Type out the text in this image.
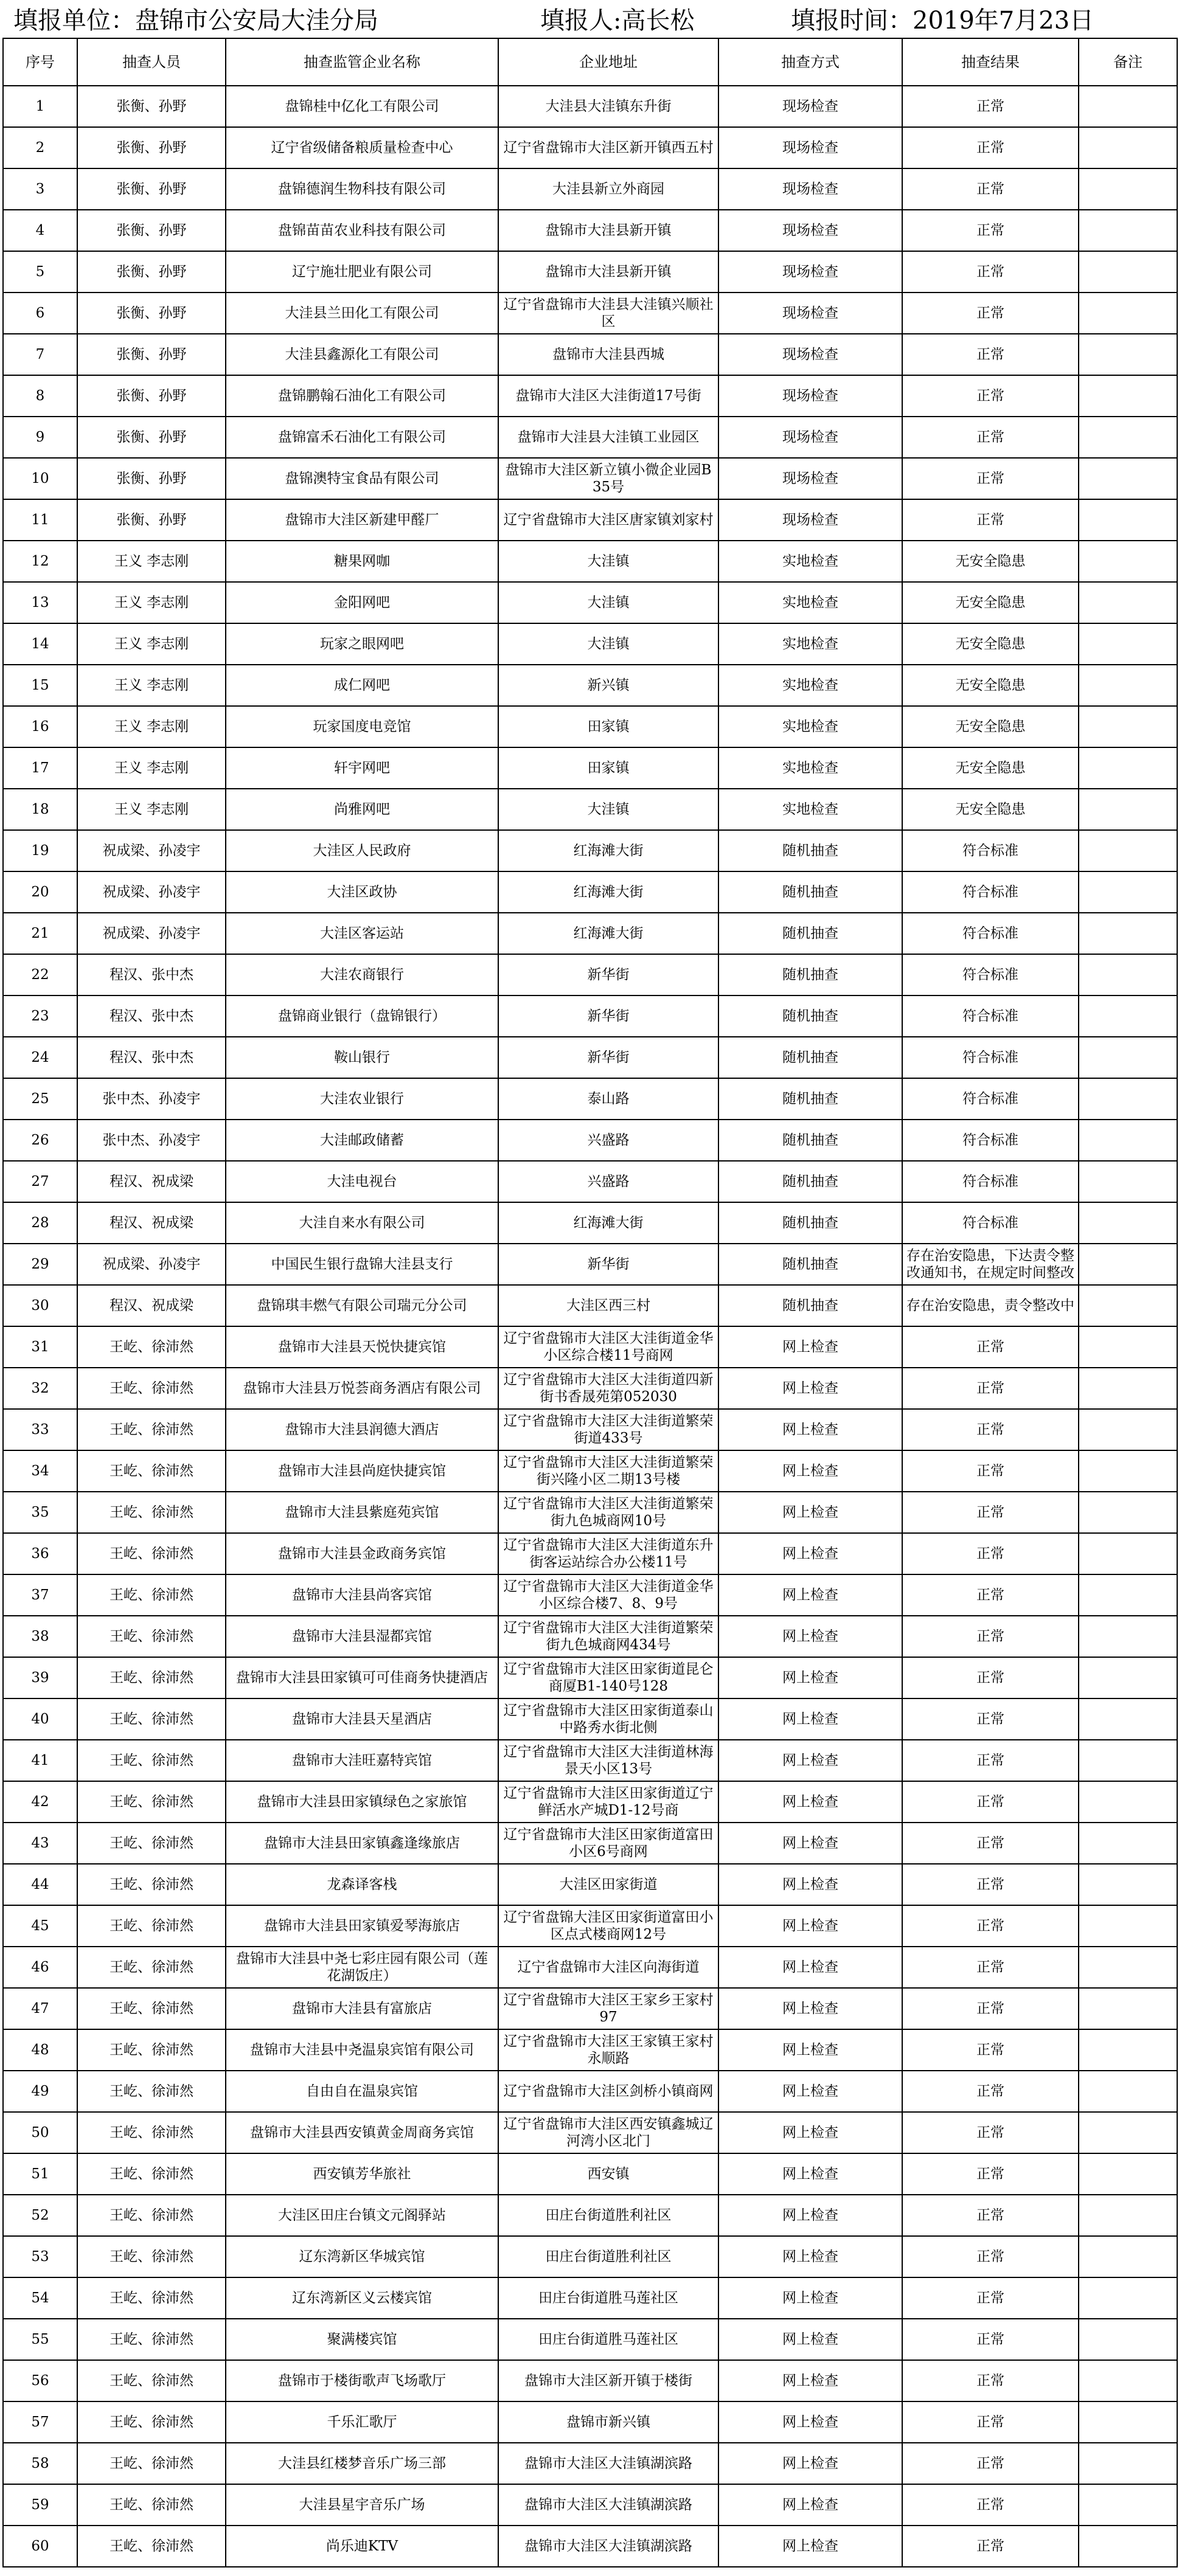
填报单位：盘锦市公安局大洼分局	填报人:高长松	填报时间：2019年7月23日
序号	抽查人员	抽查监管企业名称	企业地址	抽查方式	抽查结果	备注
1	张衡、孙野	盘锦桂中亿化工有限公司	大洼县大洼镇东升街	现场检查	正常	
2	张衡、孙野	辽宁省级储备粮质量检查中心	辽宁省盘锦市大洼区新开镇西五村	现场检查	正常	
3	张衡、孙野	盘锦德润生物科技有限公司	大洼县新立外商园	现场检查	正常	
4	张衡、孙野	盘锦苗苗农业科技有限公司	盘锦市大洼县新开镇	现场检查	正常	
5	张衡、孙野	辽宁施壮肥业有限公司	盘锦市大洼县新开镇	现场检查	正常	
6	张衡、孙野	大洼县兰田化工有限公司	辽宁省盘锦市大洼县大洼镇兴顺社区	现场检查	正常	
7	张衡、孙野	大洼县鑫源化工有限公司	盘锦市大洼县西城	现场检查	正常	
8	张衡、孙野	盘锦鹏翰石油化工有限公司	盘锦市大洼区大洼街道17号街	现场检查	正常	
9	张衡、孙野	盘锦富禾石油化工有限公司	盘锦市大洼县大洼镇工业园区	现场检查	正常	
10	张衡、孙野	盘锦澳特宝食品有限公司	盘锦市大洼区新立镇小微企业园B35号	现场检查	正常	
11	张衡、孙野	盘锦市大洼区新建甲醛厂	辽宁省盘锦市大洼区唐家镇刘家村	现场检查	正常	
12	王义 李志刚	糖果网咖	大洼镇	实地检查	无安全隐患	
13	王义 李志刚	金阳网吧	大洼镇	实地检查	无安全隐患	
14	王义 李志刚	玩家之眼网吧	大洼镇	实地检查	无安全隐患	
15	王义 李志刚	成仁网吧	新兴镇	实地检查	无安全隐患	
16	王义 李志刚	玩家国度电竞馆	田家镇	实地检查	无安全隐患	
17	王义 李志刚	轩宇网吧	田家镇	实地检查	无安全隐患	
18	王义 李志刚	尚雅网吧	大洼镇	实地检查	无安全隐患	
19	祝成梁、孙凌宇	大洼区人民政府	红海滩大街	随机抽查	符合标准	
20	祝成梁、孙凌宇	大洼区政协	红海滩大街	随机抽查	符合标准	
21	祝成梁、孙凌宇	大洼区客运站	红海滩大街	随机抽查	符合标准	
22	程汉、张中杰	大洼农商银行	新华街	随机抽查	符合标准	
23	程汉、张中杰	盘锦商业银行（盘锦银行）	新华街	随机抽查	符合标准	
24	程汉、张中杰	鞍山银行	新华街	随机抽查	符合标准	
25	张中杰、孙凌宇	大洼农业银行	泰山路	随机抽查	符合标准	
26	张中杰、孙凌宇	大洼邮政储蓄	兴盛路	随机抽查	符合标准	
27	程汉、祝成梁	大洼电视台	兴盛路	随机抽查	符合标准	
28	程汉、祝成梁	大洼自来水有限公司	红海滩大街	随机抽查	符合标准	
29	祝成梁、孙凌宇	中国民生银行盘锦大洼县支行	新华街	随机抽查	存在治安隐患，下达责令整改通知书，在规定时间整改	
30	程汉、祝成梁	盘锦琪丰燃气有限公司瑞元分公司	大洼区西三村	随机抽查	存在治安隐患，责令整改中	
31	王屹、徐沛然	盘锦市大洼县天悦快捷宾馆	辽宁省盘锦市大洼区大洼街道金华小区综合楼11号商网	网上检查	正常	
32	王屹、徐沛然	盘锦市大洼县万悦荟商务酒店有限公司	辽宁省盘锦市大洼区大洼街道四新街书香晟苑第052030	网上检查	正常	
33	王屹、徐沛然	盘锦市大洼县润德大酒店	辽宁省盘锦市大洼区大洼街道繁荣街道433号	网上检查	正常	
34	王屹、徐沛然	盘锦市大洼县尚庭快捷宾馆	辽宁省盘锦市大洼区大洼街道繁荣街兴隆小区二期13号楼	网上检查	正常	
35	王屹、徐沛然	盘锦市大洼县紫庭苑宾馆	辽宁省盘锦市大洼区大洼街道繁荣街九色城商网10号	网上检查	正常	
36	王屹、徐沛然	盘锦市大洼县金政商务宾馆	辽宁省盘锦市大洼区大洼街道东升街客运站综合办公楼11号	网上检查	正常	
37	王屹、徐沛然	盘锦市大洼县尚客宾馆	辽宁省盘锦市大洼区大洼街道金华小区综合楼7、8、9号	网上检查	正常	
38	王屹、徐沛然	盘锦市大洼县湿都宾馆	辽宁省盘锦市大洼区大洼街道繁荣街九色城商网434号	网上检查	正常	
39	王屹、徐沛然	盘锦市大洼县田家镇可可佳商务快捷酒店	辽宁省盘锦市大洼区田家街道昆仑商厦B1-140号128	网上检查	正常	
40	王屹、徐沛然	盘锦市大洼县天星酒店	辽宁省盘锦市大洼区田家街道泰山中路秀水街北侧	网上检查	正常	
41	王屹、徐沛然	盘锦市大洼旺嘉特宾馆	辽宁省盘锦市大洼区大洼街道林海景天小区13号	网上检查	正常	
42	王屹、徐沛然	盘锦市大洼县田家镇绿色之家旅馆	辽宁省盘锦市大洼区田家街道辽宁鲜活水产城D1-12号商	网上检查	正常	
43	王屹、徐沛然	盘锦市大洼县田家镇鑫逢缘旅店	辽宁省盘锦市大洼区田家街道富田小区6号商网	网上检查	正常	
44	王屹、徐沛然	龙森译客栈	大洼区田家街道	网上检查	正常	
45	王屹、徐沛然	盘锦市大洼县田家镇爱琴海旅店	辽宁省盘锦大洼区田家街道富田小区点式楼商网12号	网上检查	正常	
46	王屹、徐沛然	盘锦市大洼县中尧七彩庄园有限公司（莲花湖饭庄）	辽宁省盘锦市大洼区向海街道	网上检查	正常	
47	王屹、徐沛然	盘锦市大洼县有富旅店	辽宁省盘锦市大洼区王家乡王家村97	网上检查	正常	
48	王屹、徐沛然	盘锦市大洼县中尧温泉宾馆有限公司	辽宁省盘锦市大洼区王家镇王家村永顺路	网上检查	正常	
49	王屹、徐沛然	自由自在温泉宾馆	辽宁省盘锦市大洼区剑桥小镇商网	网上检查	正常	
50	王屹、徐沛然	盘锦市大洼县西安镇黄金周商务宾馆	辽宁省盘锦市大洼区西安镇鑫城辽河湾小区北门	网上检查	正常	
51	王屹、徐沛然	西安镇芳华旅社	西安镇	网上检查	正常	
52	王屹、徐沛然	大洼区田庄台镇文元阁驿站	田庄台街道胜利社区	网上检查	正常	
53	王屹、徐沛然	辽东湾新区华城宾馆	田庄台街道胜利社区	网上检查	正常	
54	王屹、徐沛然	辽东湾新区义云楼宾馆	田庄台街道胜马莲社区	网上检查	正常	
55	王屹、徐沛然	聚满楼宾馆	田庄台街道胜马莲社区	网上检查	正常	
56	王屹、徐沛然	盘锦市于楼街歌声飞场歌厅	盘锦市大洼区新开镇于楼街	网上检查	正常	
57	王屹、徐沛然	千乐汇歌厅	盘锦市新兴镇	网上检查	正常	
58	王屹、徐沛然	大洼县红楼梦音乐广场三部	盘锦市大洼区大洼镇湖滨路	网上检查	正常	
59	王屹、徐沛然	大洼县星宇音乐广场	盘锦市大洼区大洼镇湖滨路	网上检查	正常	
60	王屹、徐沛然	尚乐迪KTV	盘锦市大洼区大洼镇湖滨路	网上检查	正常	
